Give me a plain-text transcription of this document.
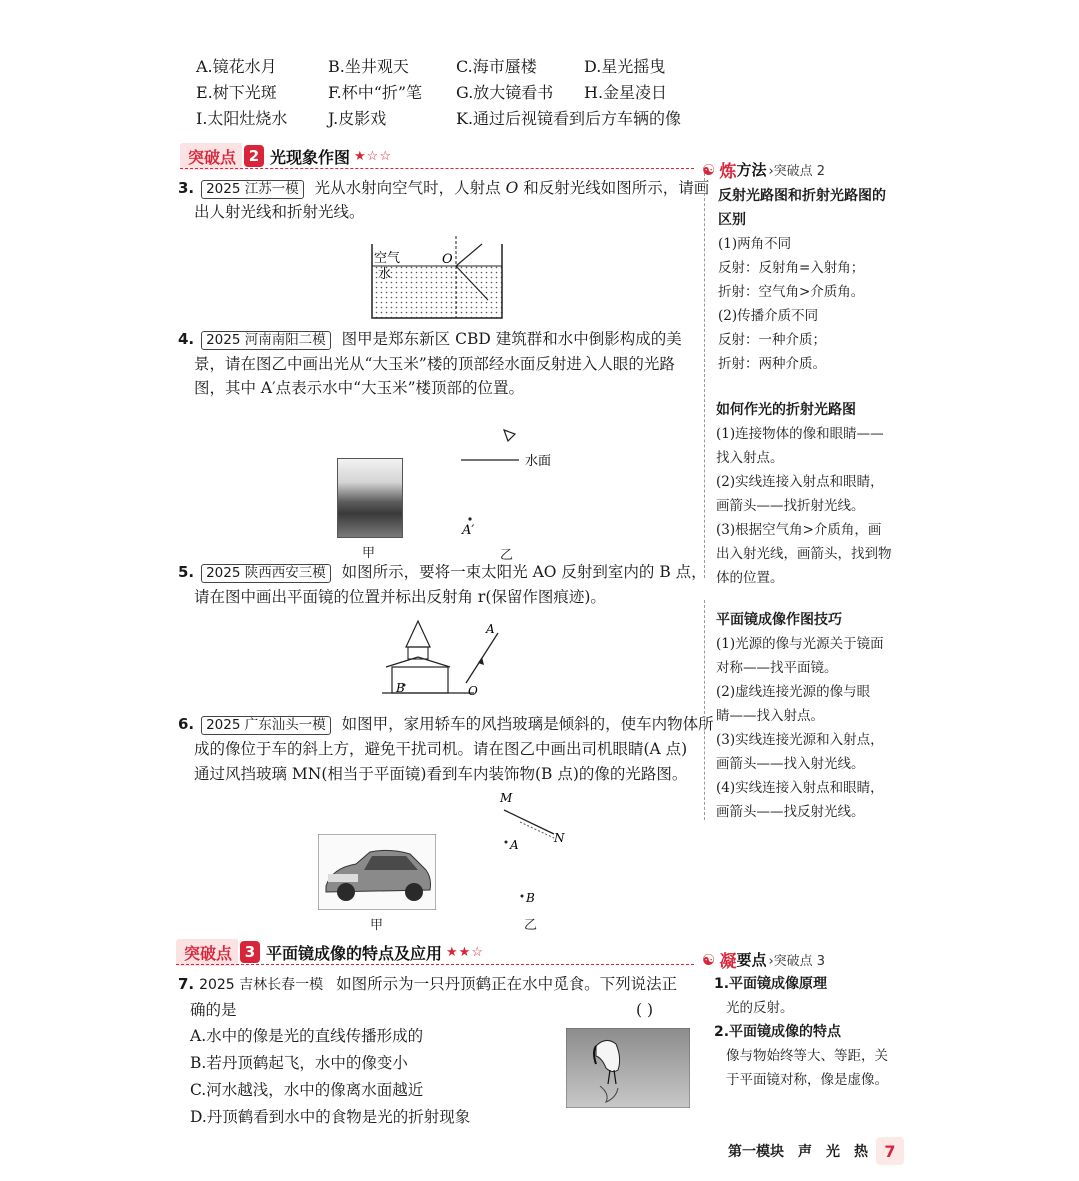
A.镜花水月	B.坐井观天	C.海市蜃楼	D.星光摇曳
E.树下光斑	F.杯中“折”笔 G.放大镜看书 H.金星凌日
I.太阳灶烧水	J.皮影戏	K.通过后视镜看到后方车辆的像
突破点 2 光现象作图 ★☆☆
3. 2025 江苏一模 光从水射向空气时，人射点 O 和反射光线如图所示，请画
出人射光线和折射光线。
空气
水
O
4. 2025 河南南阳二模 图甲是郑东新区 CBD 建筑群和水中倒影构成的美
景，请在图乙中画出光从“大玉米”楼的顶部经水面反射进入人眼的光路
图，其中 A′点表示水中“大玉米”楼顶部的位置。
甲
水面
A′
乙
5. 2025 陕西西安三模 如图所示，要将一束太阳光 AO 反射到室内的 B 点，
请在图中画出平面镜的位置并标出反射角 r(保留作图痕迹)。
B
A
O
6. 2025 广东汕头一模 如图甲，家用轿车的风挡玻璃是倾斜的，使车内物体所
成的像位于车的斜上方，避免干扰司机。请在图乙中画出司机眼睛(A 点)
通过风挡玻璃 MN(相当于平面镜)看到车内装饰物(B 点)的像的光路图。
甲
M
N
A
B
乙
突破点 3 平面镜成像的特点及应用 ★★☆
7. 2025 吉林长春一模 如图所示为一只丹顶鹤正在水中觅食。下列说法正
确的是	( )
A.水中的像是光的直线传播形成的
B.若丹顶鹤起飞，水中的像变小
C.河水越浅，水中的像离水面越近
D.丹顶鹤看到水中的食物是光的折射现象
☯ 炼 方法 ›突破点 2
反射光路图和折射光路图的
区别
(1)两角不同
反射：反射角=入射角；
折射：空气角>介质角。
(2)传播介质不同
反射：一种介质；
折射：两种介质。
如何作光的折射光路图
(1)连接物体的像和眼睛——
找入射点。
(2)实线连接入射点和眼睛，
画箭头——找折射光线。
(3)根据空气角>介质角，画
出入射光线，画箭头，找到物
体的位置。
平面镜成像作图技巧
(1)光源的像与光源关于镜面
对称——找平面镜。
(2)虚线连接光源的像与眼
睛——找入射点。
(3)实线连接光源和入射点，
画箭头——找入射光线。
(4)实线连接入射点和眼睛，
画箭头——找反射光线。
☯ 凝 要点 ›突破点 3
1.平面镜成像原理
光的反射。
2.平面镜成像的特点
像与物始终等大、等距，关
于平面镜对称，像是虚像。
第一模块　声　光　热	7
